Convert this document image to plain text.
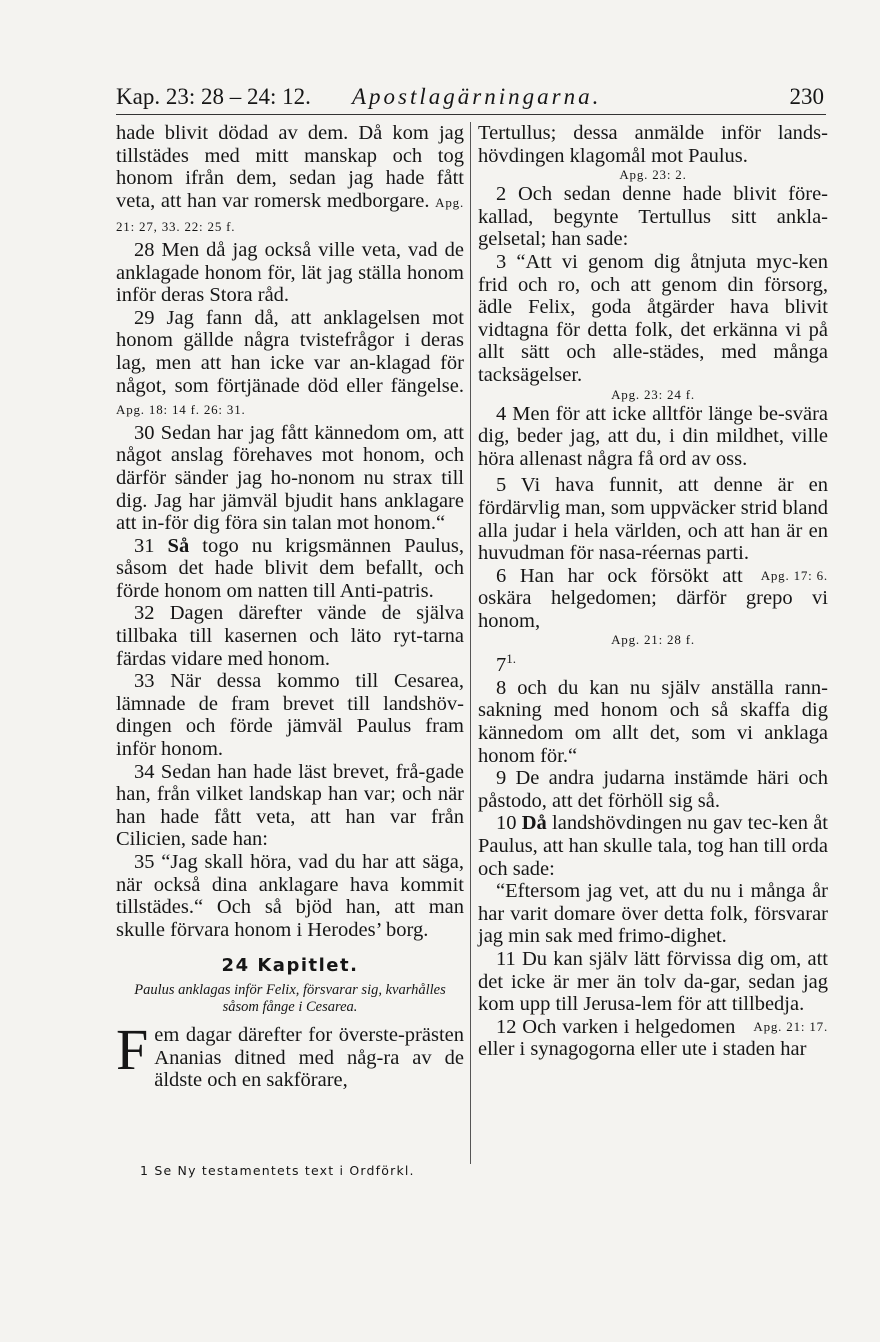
Kap. 23: 28 – 24: 12. Apostlagärningarna.	230

hade blivit dödad av dem. Då kom jag tillstädes med mitt manskap och tog honom ifrån dem, sedan jag hade fått veta, att han var romersk medborgare. Apg. 21: 27, 33. 22: 25 f.

28 Men då jag också ville veta, vad de anklagade honom för, lät jag ställa honom inför deras Stora råd.

29 Jag fann då, att anklagelsen mot honom gällde några tvistefrågor i deras lag, men att han icke var an-klagad för något, som förtjänade död eller fängelse. Apg. 18: 14 f. 26: 31.

30 Sedan har jag fått kännedom om, att något anslag förehaves mot honom, och därför sänder jag ho-nonom nu strax till dig. Jag har jämväl bjudit hans anklagare att in-för dig föra sin talan mot honom.“

31 Så togo nu krigsmännen Paulus, såsom det hade blivit dem befallt, och förde honom om natten till Anti-patris.

32 Dagen därefter vände de själva tillbaka till kasernen och läto ryt-tarna färdas vidare med honom.

33 När dessa kommo till Cesarea, lämnade de fram brevet till landshöv-dingen och förde jämväl Paulus fram inför honom.

34 Sedan han hade läst brevet, frå-gade han, från vilket landskap han var; och när han hade fått veta, att han var från Cilicien, sade han:

35 “Jag skall höra, vad du har att säga, när också dina anklagare hava kommit tillstädes.“ Och så bjöd han, att man skulle förvara honom i Herodes’ borg.

24 Kapitlet.
Paulus anklagas inför Felix, försvarar sig, kvarhålles såsom fånge i Cesarea.

Fem dagar därefter for överste-prästen Ananias ditned med någ-ra av de äldste och en sakförare,

Tertullus; dessa anmälde inför lands-hövdingen klagomål mot Paulus.

Apg. 23: 2.

2 Och sedan denne hade blivit före-kallad, begynte Tertullus sitt ankla-gelsetal; han sade:

3 “Att vi genom dig åtnjuta myc-ken frid och ro, och att genom din försorg, ädle Felix, goda åtgärder hava blivit vidtagna för detta folk, det erkänna vi på allt sätt och alle-städes, med många tacksägelser.

Apg. 23: 24 f.

4 Men för att icke alltför länge be-svära dig, beder jag, att du, i din mildhet, ville höra allenast några få ord av oss.

5 Vi hava funnit, att denne är en fördärvlig man, som uppväcker strid bland alla judar i hela världen, och att han är en huvudman för nasa-réernas parti.
Apg. 17: 6.

6 Han har ock försökt att oskära helgedomen; därför grepo vi honom,

Apg. 21: 28 f.

$7^{1.}$

8 och du kan nu själv anställa rann-sakning med honom och så skaffa dig kännedom om allt det, som vi anklaga honom för.“

9 De andra judarna instämde häri och påstodo, att det förhöll sig så.

10 Då landshövdingen nu gav tec-ken åt Paulus, att han skulle tala, tog han till orda och sade:

“Eftersom jag vet, att du nu i många år har varit domare över detta folk, försvarar jag min sak med frimo-dighet.

11 Du kan själv lätt förvissa dig om, att det icke är mer än tolv da-gar, sedan jag kom upp till Jerusa-lem för att tillbedja.
Apg. 21: 17.

12 Och varken i helgedomen eller i synagogorna eller ute i staden har

1 Se Ny testamentets text i Ordförkl.
